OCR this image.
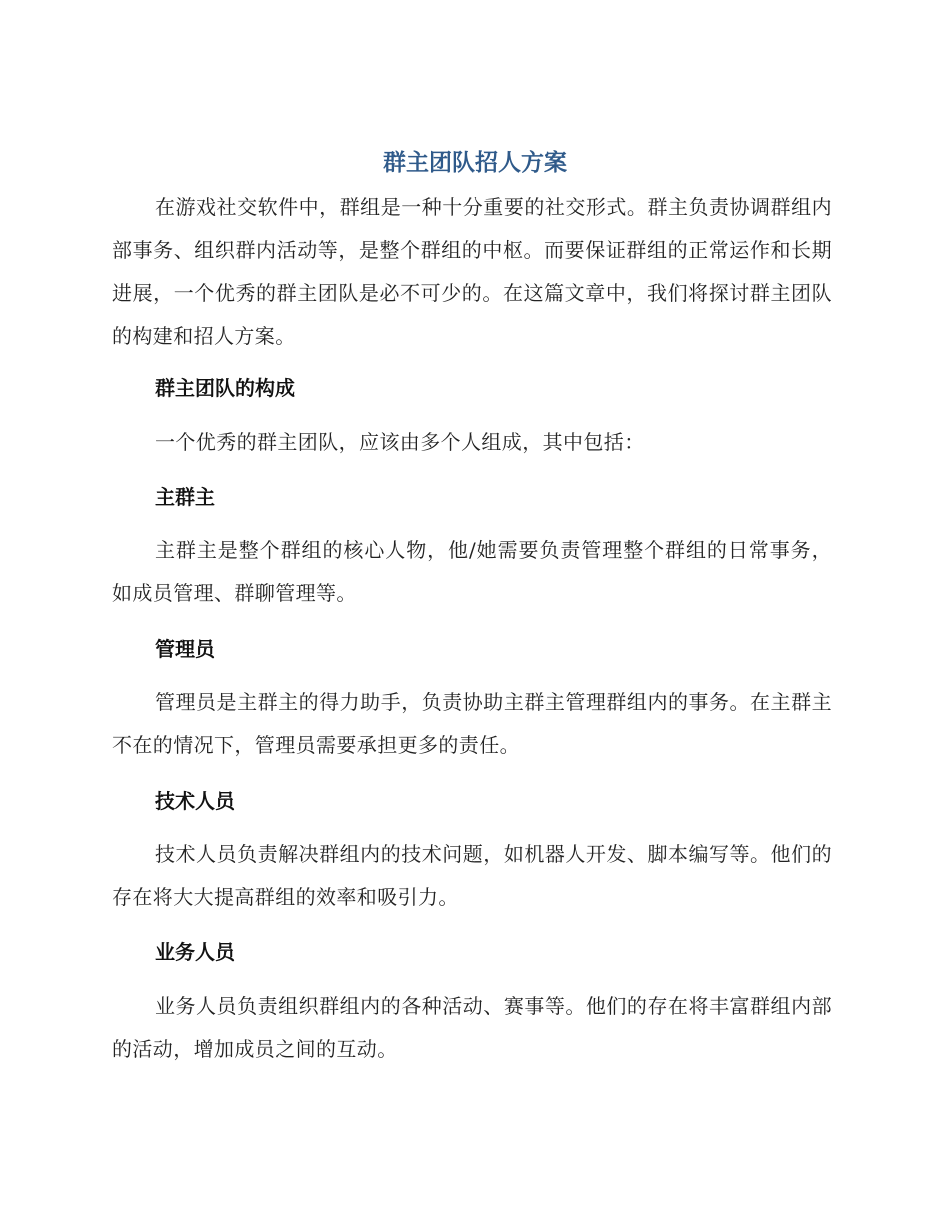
群主团队招人方案

在游戏社交软件中，群组是一种十分重要的社交形式。群主负责协调群组内部事务、组织群内活动等，是整个群组的中枢。而要保证群组的正常运作和长期进展，一个优秀的群主团队是必不可少的。在这篇文章中，我们将探讨群主团队的构建和招人方案。

群主团队的构成

一个优秀的群主团队，应该由多个人组成，其中包括：

主群主

主群主是整个群组的核心人物，他/她需要负责管理整个群组的日常事务，如成员管理、群聊管理等。

管理员

管理员是主群主的得力助手，负责协助主群主管理群组内的事务。在主群主不在的情况下，管理员需要承担更多的责任。

技术人员

技术人员负责解决群组内的技术问题，如机器人开发、脚本编写等。他们的存在将大大提高群组的效率和吸引力。

业务人员

业务人员负责组织群组内的各种活动、赛事等。他们的存在将丰富群组内部的活动，增加成员之间的互动。
